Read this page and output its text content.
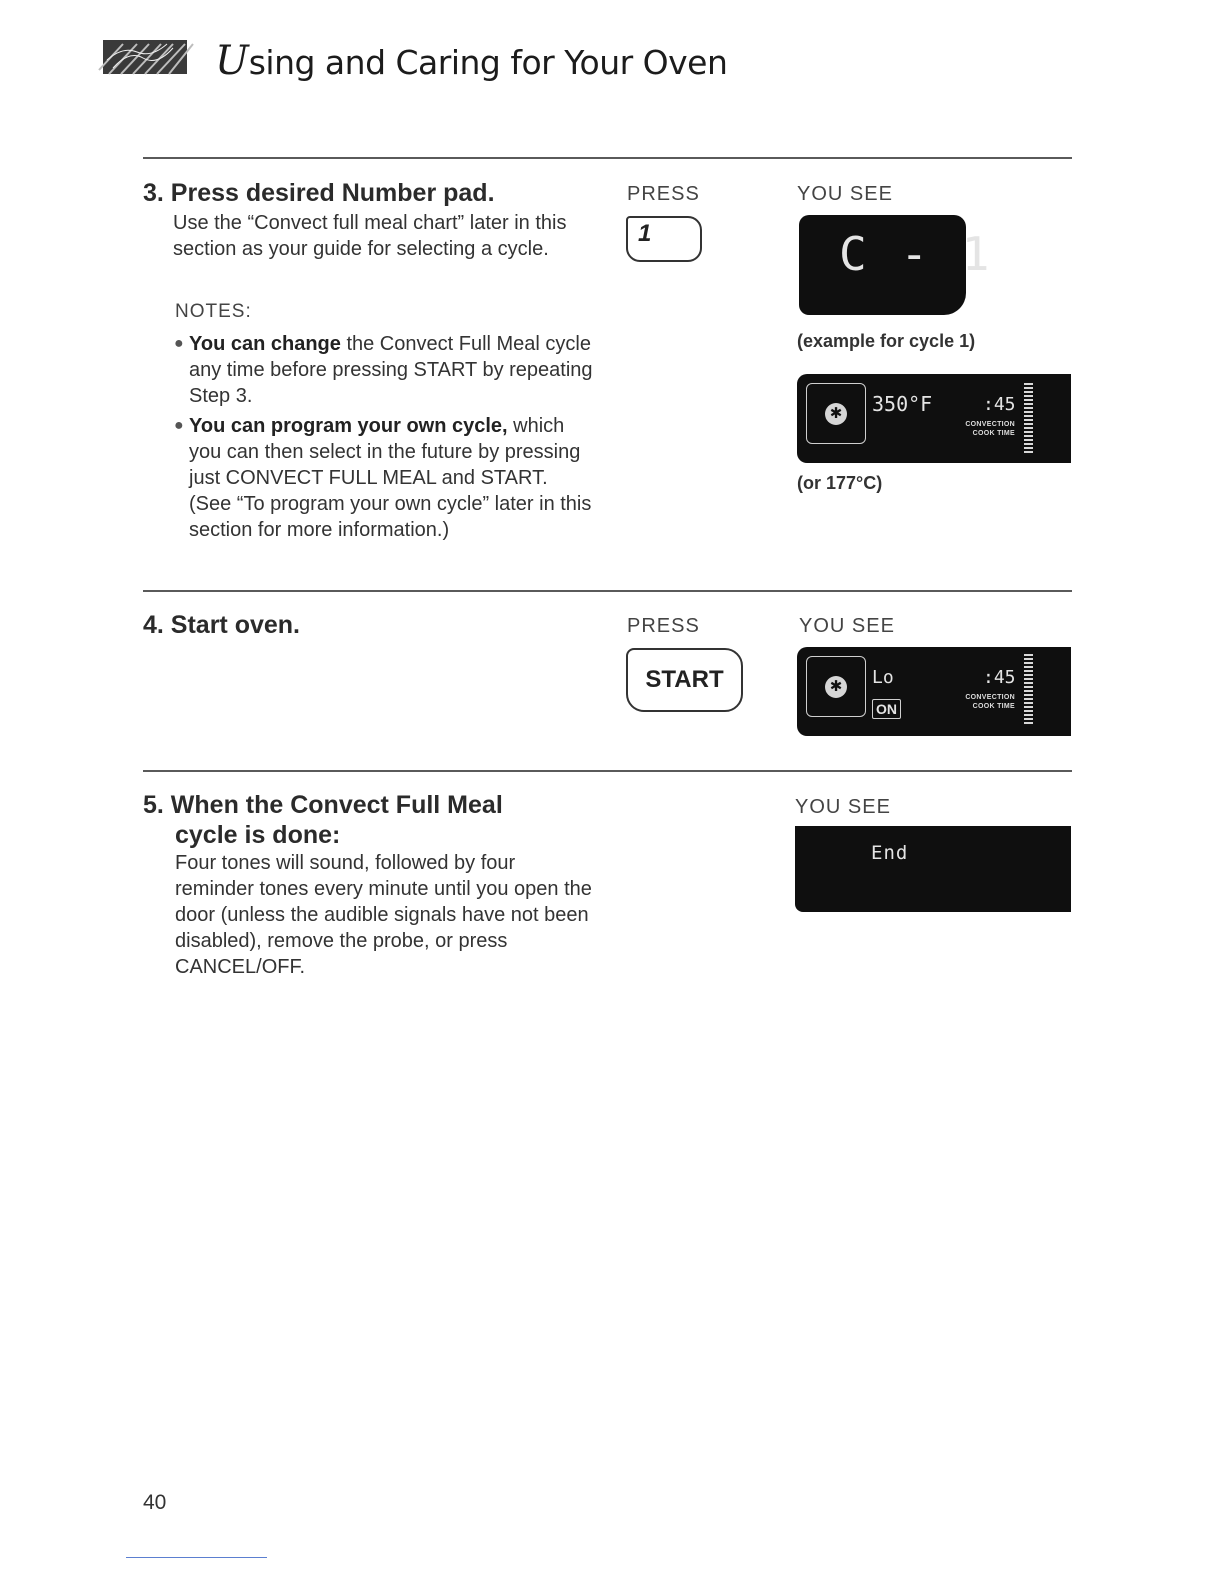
Using and Caring for Your Oven
3. Press desired Number pad.
Use the “Convect full meal chart” later in this section as your guide for selecting a cycle.
NOTES:
● You can change the Convect Full Meal cycle any time before pressing START by repeating Step 3.
● You can program your own cycle, which you can then select in the future by pressing just CONVECT FULL MEAL and START. (See “To program your own cycle” later in this section for more information.)
PRESS	YOU SEE
1	C - 1
(example for cycle 1)
✱ 350°F	:45
CONVECTION
COOK TIME
(or 177°C)
4. Start oven.	PRESS	YOU SEE
START	✱ Lo
ON
:45
CONVECTION
COOK TIME
5. When the Convect Full Meal
cycle is done:
Four tones will sound, followed by four reminder tones every minute until you open the door (unless the audible signals have not been disabled), remove the probe, or press CANCEL/OFF.
YOU SEE
End
40
